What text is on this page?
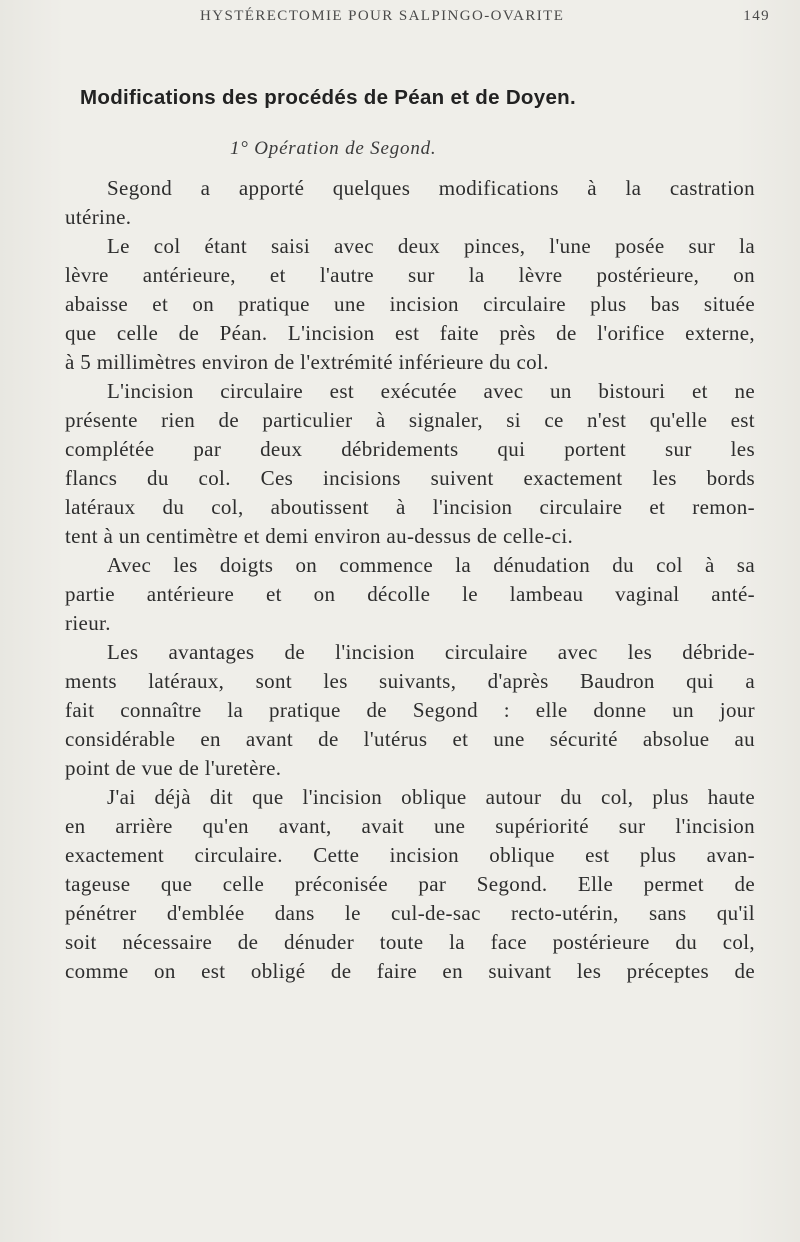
HYSTÉRECTOMIE POUR SALPINGO-OVARITE	149
Modifications des procédés de Péan et de Doyen.
1° Opération de Segond.
Segond a apporté quelques modifications à la castration
utérine.
Le col étant saisi avec deux pinces, l'une posée sur la
lèvre antérieure, et l'autre sur la lèvre postérieure, on
abaisse et on pratique une incision circulaire plus bas située
que celle de Péan. L'incision est faite près de l'orifice externe,
à 5 millimètres environ de l'extrémité inférieure du col.
L'incision circulaire est exécutée avec un bistouri et ne
présente rien de particulier à signaler, si ce n'est qu'elle est
complétée par deux débridements qui portent sur les
flancs du col. Ces incisions suivent exactement les bords
latéraux du col, aboutissent à l'incision circulaire et remon-
tent à un centimètre et demi environ au-dessus de celle-ci.
Avec les doigts on commence la dénudation du col à sa
partie antérieure et on décolle le lambeau vaginal anté-
rieur.
Les avantages de l'incision circulaire avec les débride-
ments latéraux, sont les suivants, d'après Baudron qui a
fait connaître la pratique de Segond : elle donne un jour
considérable en avant de l'utérus et une sécurité absolue au
point de vue de l'uretère.
J'ai déjà dit que l'incision oblique autour du col, plus haute
en arrière qu'en avant, avait une supériorité sur l'incision
exactement circulaire. Cette incision oblique est plus avan-
tageuse que celle préconisée par Segond. Elle permet de
pénétrer d'emblée dans le cul-de-sac recto-utérin, sans qu'il
soit nécessaire de dénuder toute la face postérieure du col,
comme on est obligé de faire en suivant les préceptes de
